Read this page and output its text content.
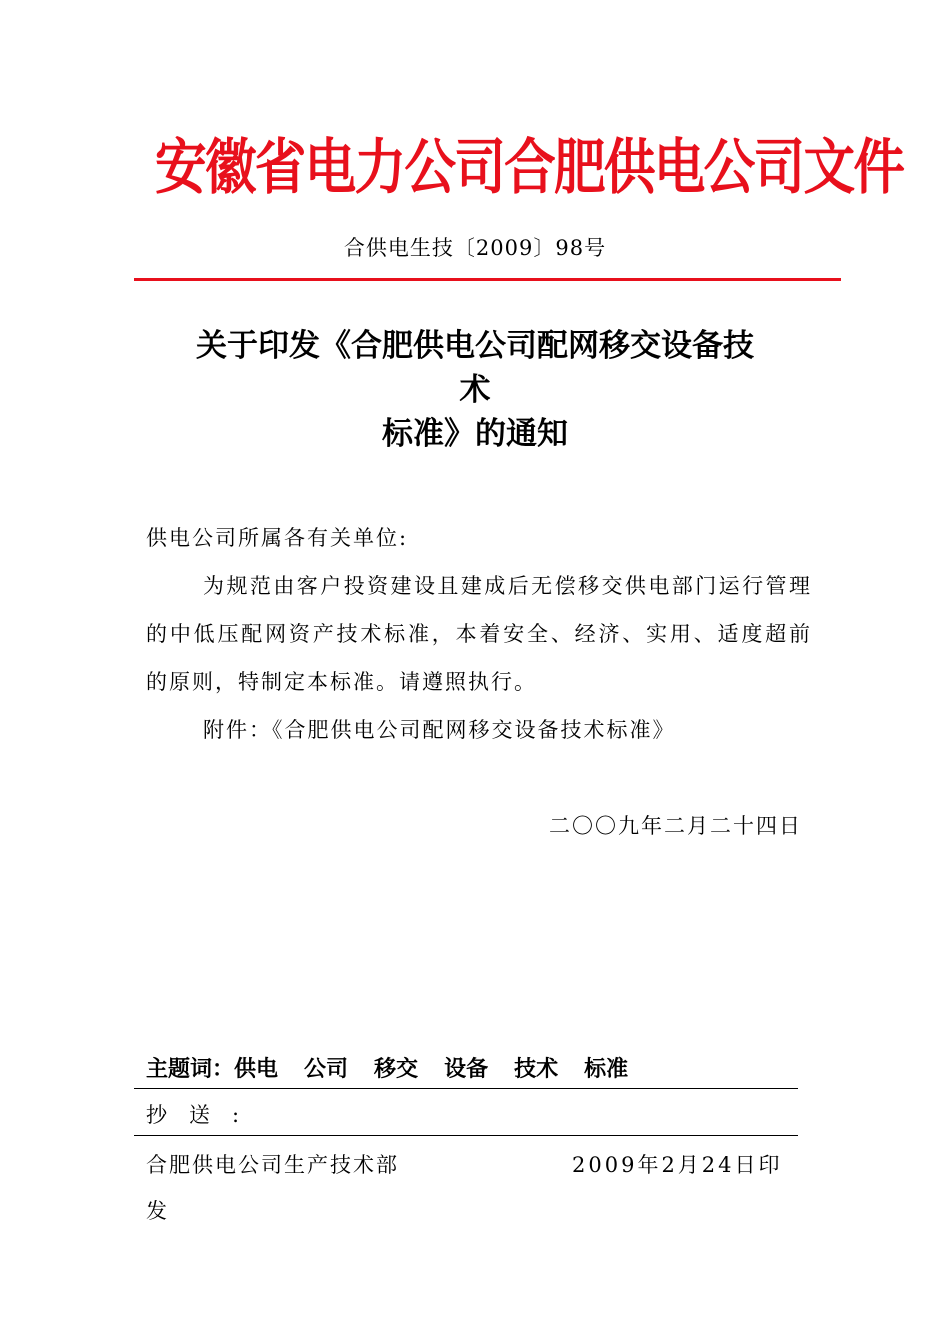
安徽省电力公司合肥供电公司文件
合供电生技〔2009〕98号
关于印发《合肥供电公司配网移交设备技
术
标准》的通知
供电公司所属各有关单位:
为规范由客户投资建设且建成后无偿移交供电部门运行管理的中低压配网资产技术标准，本着安全、经济、实用、适度超前的原则，特制定本标准。请遵照执行。
附件：《合肥供电公司配网移交设备技术标准》
二〇〇九年二月二十四日
主题词：供电 公司 移交 设备 技术 标准
抄送:
合肥供电公司生产技术部	2009年2月24日印
发
